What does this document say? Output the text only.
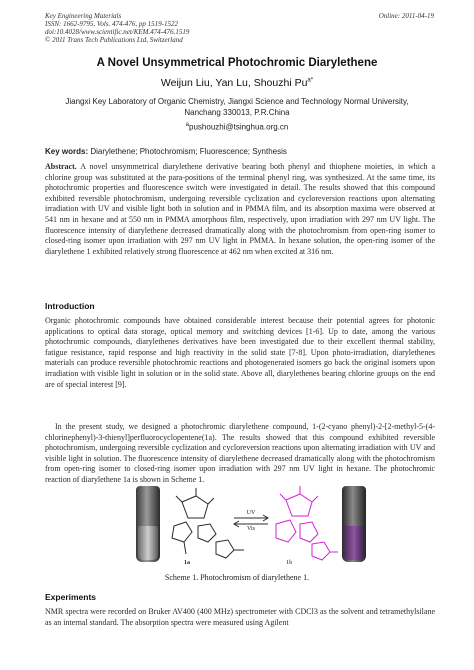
Key Engineering Materials
ISSN: 1662-9795, Vols. 474-476, pp 1519-1522
doi:10.4028/www.scientific.net/KEM.474-476.1519
© 2011 Trans Tech Publications Ltd, Switzerland
Online: 2011-04-19
A Novel Unsymmetrical Photochromic Diarylethene
Weijun Liu, Yan Lu, Shouzhi $Pu^{a*}$
Jiangxi Key Laboratory of Organic Chemistry, Jiangxi Science and Technology Normal University,
Nanchang 330013, P.R.China
$^a$pushouzhi@tsinghua.org.cn
Key words: Diarylethene; Photochromism; Fluorescence; Synthesis
Abstract. A novel unsymmetrical diarylethene derivative bearing both phenyl and thiophene moieties, in which a chlorine group was substituted at the para-positions of the terminal phenyl ring, was synthesized. At the same time, its photochromic properties and fluorescence switch were investigated in detail. The results showed that this compound exhibited reversible photochromism, undergoing reversible cyclization and cycloreversion reactions upon alternating irradiation with UV and visible light both in solution and in PMMA film, and its absorption maxima were observed at 541 nm in hexane and at 550 nm in PMMA amorphous film, respectively, upon irradiation with 297 nm UV light. The fluorescence intensity of diarylethene decreased dramatically along with the photochromism from open-ring isomer to closed-ring isomer upon irradiation with 297 nm UV light in PMMA. In hexane solution, the open-ring isomer of the diarylethene 1 exhibited relatively strong fluorescence at 462 nm when excited at 316 nm.
Introduction
Organic photochromic compounds have obtained considerable interest because their potential agrees for photonic applications to optical data storage, optical memory and switching devices [1-6]. Up to date, among the various photochromic compounds, diarylethenes derivatives have been investigated due to their excellent thermal stability, fatigue resistance, rapid response and high reactivity in the solid state [7-8]. Upon photo-irradiation, diarylethenes materials can produce reversible photochromic reactions and photogenerated isomers go back the original isomers upon irradiation with visible light in solution or in the solid state. Above all, diarylethenes bearing chlorine groups on the end are of special interest [9].
In the present study, we designed a photochromic diarylethene compound, 1-(2-cyano phenyl)-2-[2-methyl-5-(4-chlorinephenyl)-3-thienyl]perfluorocyclopentene(1a). The results showed that this compound exhibited reversible photochromism, undergoing reversible cyclization and cycloreversion reactions upon alternating irradiation with UV and visible light in solution. The fluorescence intensity of diarylethene decreased dramatically along with the photochromism from open-ring isomer to closed-ring isomer upon irradiation with 297 nm UV light in hexane. The photochromic reaction of diarylethene 1a is shown in Scheme 1.
UV
Vis
1a	1b
Scheme 1. Photochromism of diarylethene 1.
Experiments
NMR spectra were recorded on Bruker AV400 (400 MHz) spectrometer with CDCl3 as the solvent and tetramethylsilane as an internal standard. The absorption spectra were measured using Agilent
